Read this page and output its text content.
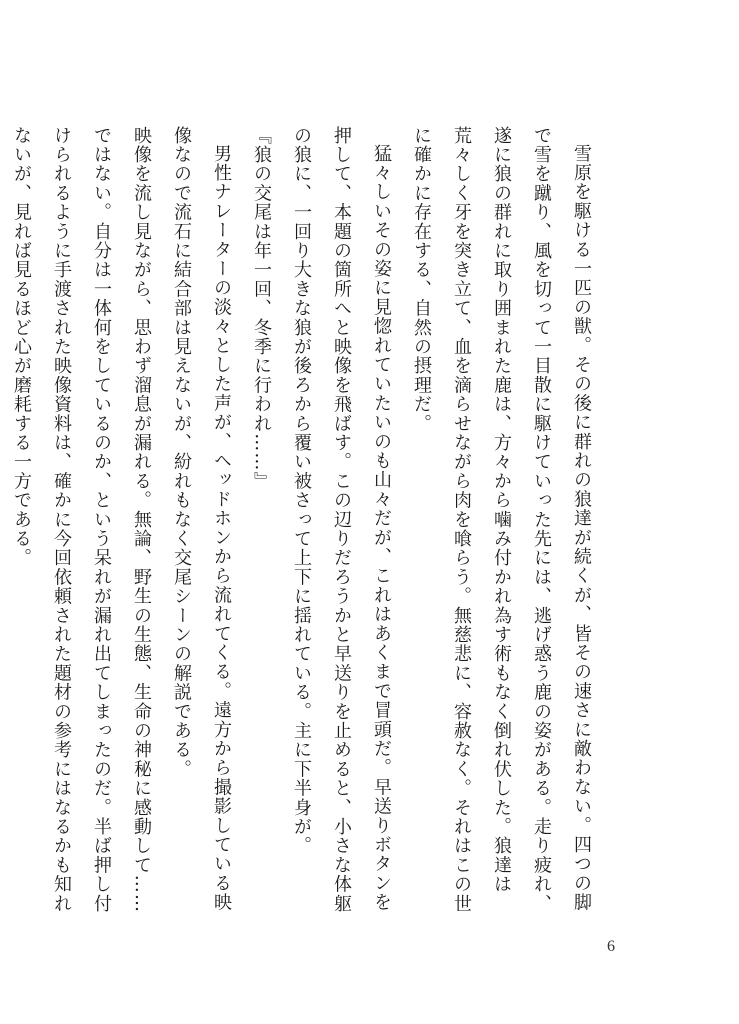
雪原を駆ける一匹の獣。その後に群れの狼達が続くが、皆その速さに敵わない。四つの脚で雪を蹴り、風を切って一目散に駆けていった先には、逃げ惑う鹿の姿がある。走り疲れ、遂に狼の群れに取り囲まれた鹿は、方々から噛み付かれ為す術もなく倒れ伏した。狼達は荒々しく牙を突き立て、血を滴らせながら肉を喰らう。無慈悲に、容赦なく。それはこの世に確かに存在する、自然の摂理だ。

猛々しいその姿に見惚れていたいのも山々だが、これはあくまで冒頭だ。早送りボタンを押して、本題の箇所へと映像を飛ばす。この辺りだろうかと早送りを止めると、小さな体躯の狼に、一回り大きな狼が後ろから覆い被さって上下に揺れている。主に下半身が。

『狼の交尾は年一回、冬季に行われ……』

男性ナレーターの淡々とした声が、ヘッドホンから流れてくる。遠方から撮影している映像なので流石に結合部は見えないが、紛れもなく交尾シーンの解説である。

映像を流し見ながら、思わず溜息が漏れる。無論、野生の生態、生命の神秘に感動して……ではない。自分は一体何をしているのか、という呆れが漏れ出てしまったのだ。半ば押し付けられるように手渡された映像資料は、確かに今回依頼された題材の参考にはなるかも知れないが、見れば見るほど心が磨耗する一方である。

6
